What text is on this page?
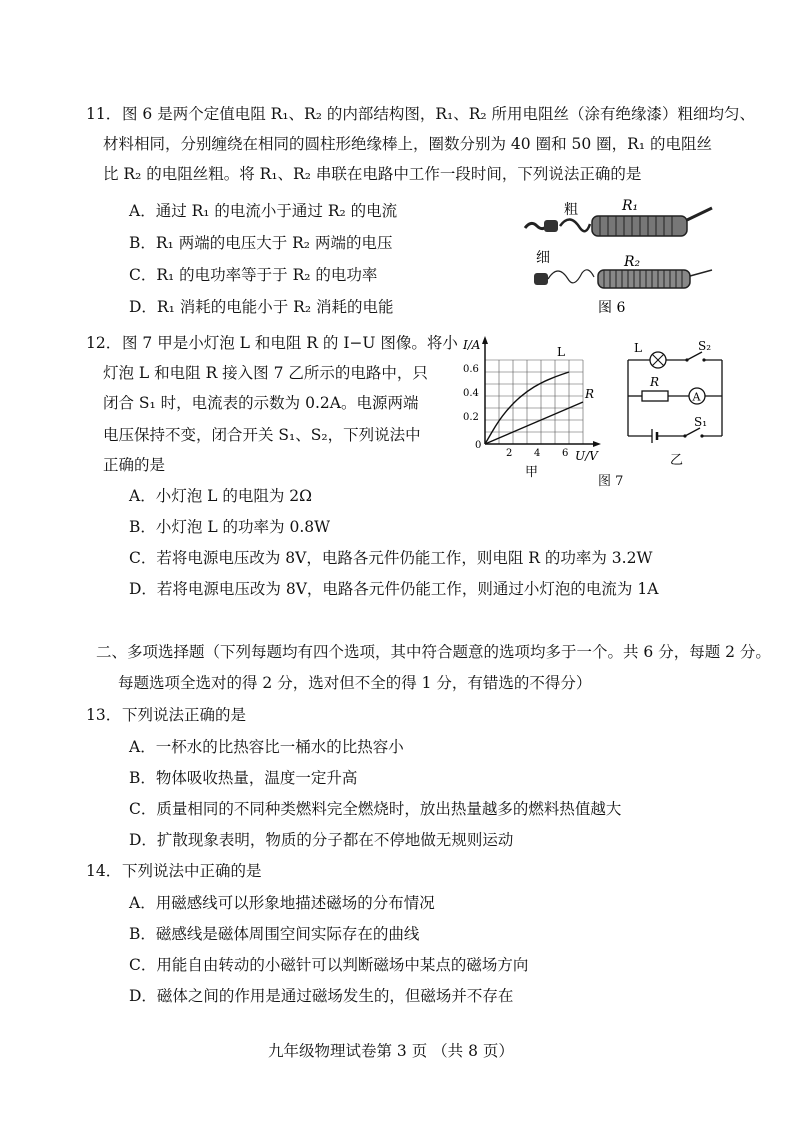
11． 图 6 是两个定值电阻 R₁、R₂ 的内部结构图，R₁、R₂ 所用电阻丝（涂有绝缘漆）粗细均匀、
材料相同，分别缠绕在相同的圆柱形绝缘棒上，圈数分别为 40 圈和 50 圈，R₁ 的电阻丝
比 R₂ 的电阻丝粗。将 R₁、R₂ 串联在电路中工作一段时间，下列说法正确的是
A．通过 R₁ 的电流小于通过 R₂ 的电流
B．R₁ 两端的电压大于 R₂ 两端的电压
C．R₁ 的电功率等于于 R₂ 的电功率
D．R₁ 消耗的电能小于 R₂ 消耗的电能
粗	R₁
细	R₂
图 6
12． 图 7 甲是小灯泡 L 和电阻 R 的 I−U 图像。将小
灯泡 L 和电阻 R 接入图 7 乙所示的电路中，只
闭合 S₁ 时，电流表的示数为 0.2A。电源两端
电压保持不变，闭合开关 S₁、S₂，下列说法中
正确的是
A．小灯泡 L 的电阻为 2Ω
B．小灯泡 L 的功率为 0.8W
C．若将电源电压改为 8V，电路各元件仍能工作，则电阻 R 的功率为 3.2W
D．若将电源电压改为 8V，电路各元件仍能工作，则通过小灯泡的电流为 1A
I/A
U/V
0.6
0.4
0.2
0
2 4 6
L
R
甲
L	S₂
R
A
S₁
乙
图 7
二、多项选择题（下列每题均有四个选项，其中符合题意的选项均多于一个。共 6 分，每题 2 分。
每题选项全选对的得 2 分，选对但不全的得 1 分，有错选的不得分）
13． 下列说法正确的是
A．一杯水的比热容比一桶水的比热容小
B．物体吸收热量，温度一定升高
C．质量相同的不同种类燃料完全燃烧时，放出热量越多的燃料热值越大
D．扩散现象表明，物质的分子都在不停地做无规则运动
14． 下列说法中正确的是
A．用磁感线可以形象地描述磁场的分布情况
B．磁感线是磁体周围空间实际存在的曲线
C．用能自由转动的小磁针可以判断磁场中某点的磁场方向
D．磁体之间的作用是通过磁场发生的，但磁场并不存在
九年级物理试卷第 3 页 （共 8 页）
